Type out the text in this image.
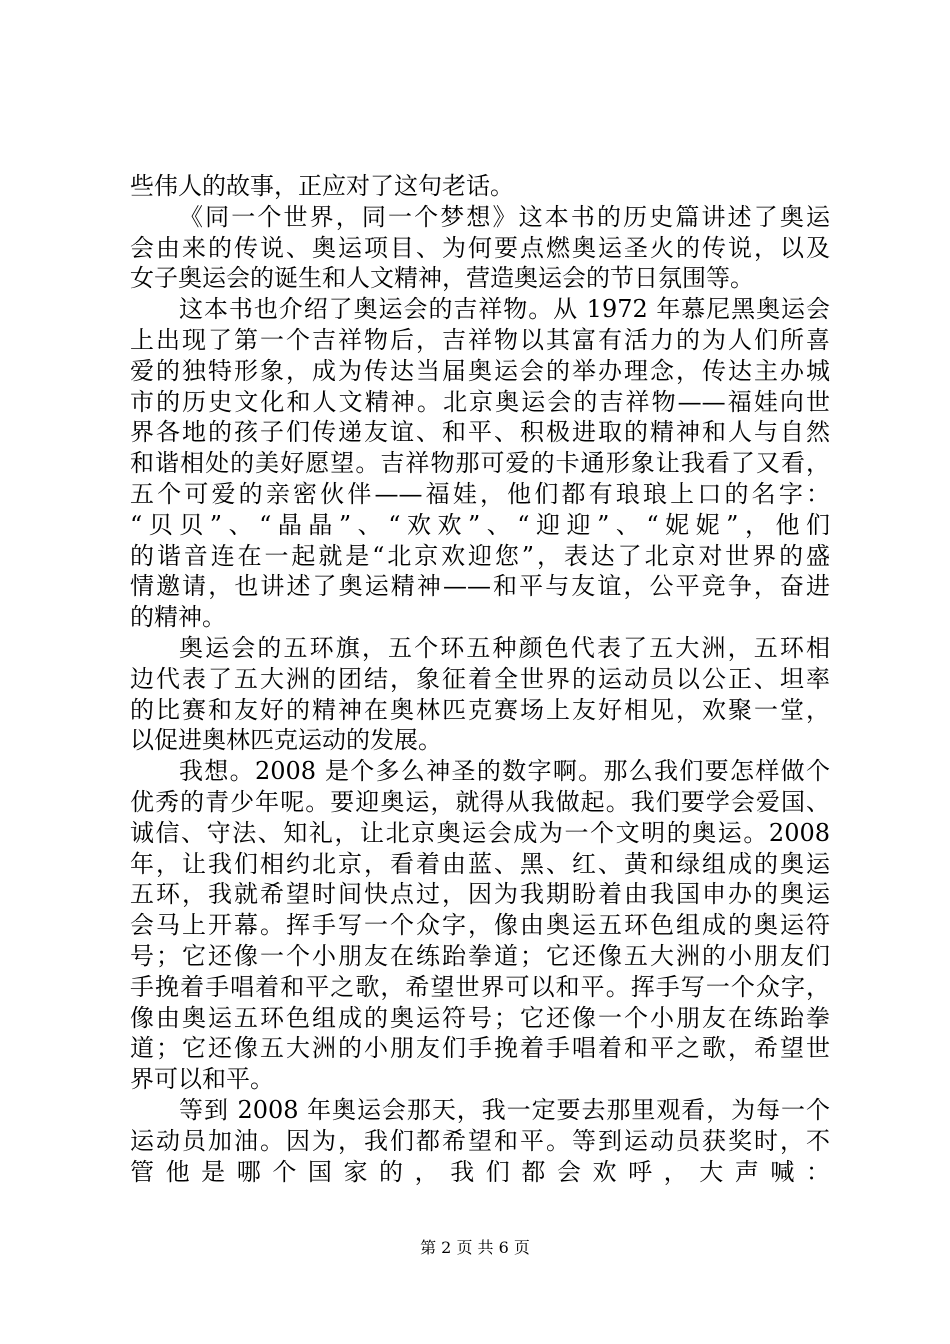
些伟人的故事，正应对了这句老话。
《同一个世界，同一个梦想》这本书的历史篇讲述了奥运
会由来的传说、奥运项目、为何要点燃奥运圣火的传说，以及
女子奥运会的诞生和人文精神，营造奥运会的节日氛围等。
这本书也介绍了奥运会的吉祥物。从 1972 年慕尼黑奥运会
上出现了第一个吉祥物后，吉祥物以其富有活力的为人们所喜
爱的独特形象，成为传达当届奥运会的举办理念，传达主办城
市的历史文化和人文精神。北京奥运会的吉祥物——福娃向世
界各地的孩子们传递友谊、和平、积极进取的精神和人与自然
和谐相处的美好愿望。吉祥物那可爱的卡通形象让我看了又看，
五个可爱的亲密伙伴——福娃，他们都有琅琅上口的名字：
“贝贝”、“晶晶”、“欢欢”、“迎迎”、“妮妮”，他们
的谐音连在一起就是“北京欢迎您”，表达了北京对世界的盛
情邀请，也讲述了奥运精神——和平与友谊，公平竞争，奋进
的精神。
奥运会的五环旗，五个环五种颜色代表了五大洲，五环相
边代表了五大洲的团结，象征着全世界的运动员以公正、坦率
的比赛和友好的精神在奥林匹克赛场上友好相见，欢聚一堂，
以促进奥林匹克运动的发展。
我想。2008 是个多么神圣的数字啊。那么我们要怎样做个
优秀的青少年呢。要迎奥运，就得从我做起。我们要学会爱国、
诚信、守法、知礼，让北京奥运会成为一个文明的奥运。2008
年，让我们相约北京，看着由蓝、黑、红、黄和绿组成的奥运
五环，我就希望时间快点过，因为我期盼着由我国申办的奥运
会马上开幕。挥手写一个众字，像由奥运五环色组成的奥运符
号；它还像一个小朋友在练跆拳道；它还像五大洲的小朋友们
手挽着手唱着和平之歌，希望世界可以和平。挥手写一个众字，
像由奥运五环色组成的奥运符号；它还像一个小朋友在练跆拳
道；它还像五大洲的小朋友们手挽着手唱着和平之歌，希望世
界可以和平。
等到 2008 年奥运会那天，我一定要去那里观看，为每一个
运动员加油。因为，我们都希望和平。等到运动员获奖时，不
管他是哪个国家的，我们都会欢呼，大声喊：
第 2 页 共 6 页
